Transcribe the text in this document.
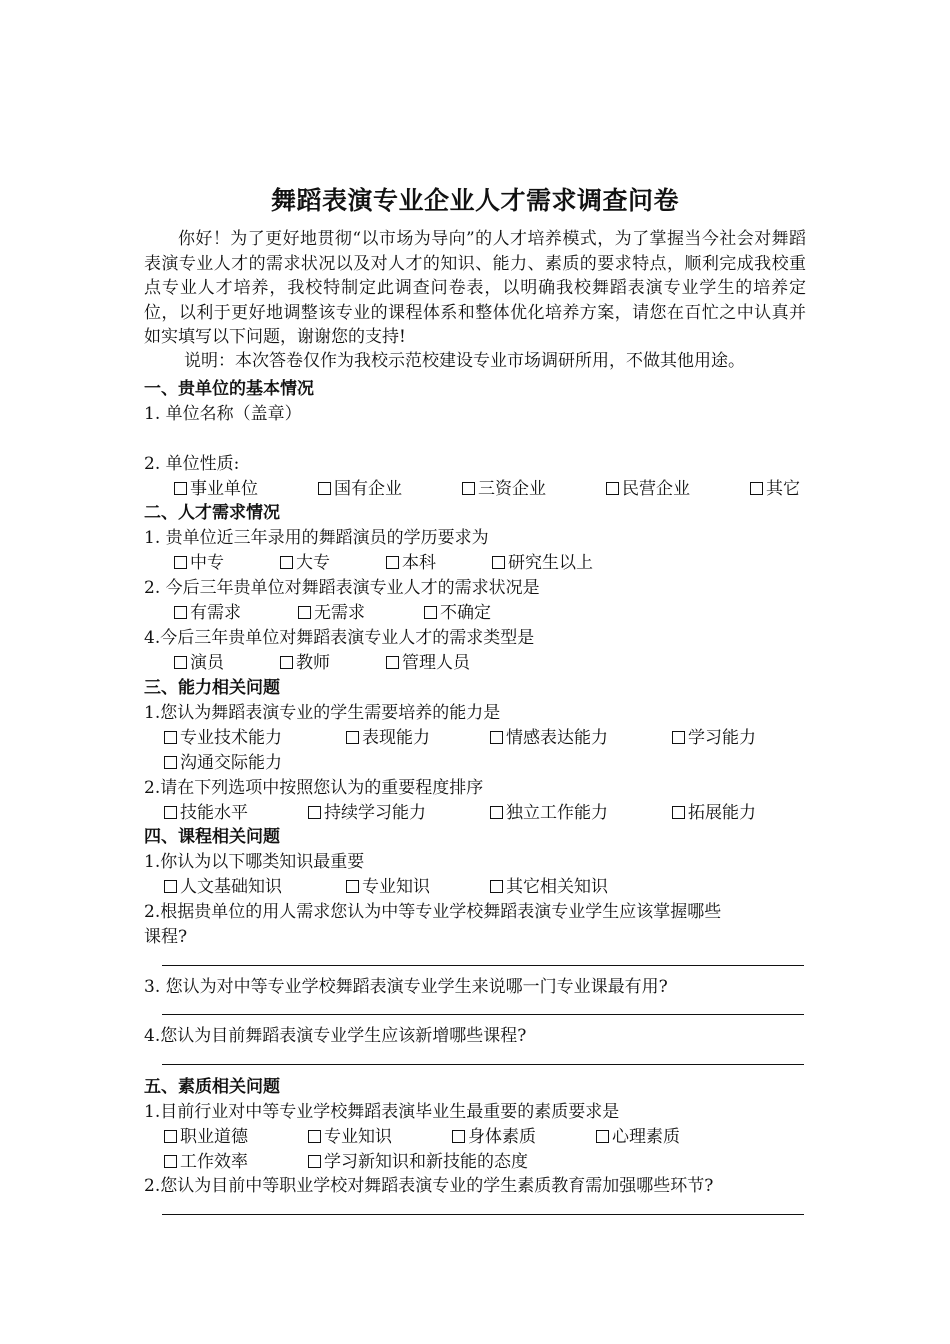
舞蹈表演专业企业人才需求调查问卷
你好！为了更好地贯彻“以市场为导向”的人才培养模式，为了掌握当今社会对舞蹈表演专业人才的需求状况以及对人才的知识、能力、素质的要求特点，顺利完成我校重点专业人才培养，我校特制定此调查问卷表，以明确我校舞蹈表演专业学生的培养定位，以利于更好地调整该专业的课程体系和整体优化培养方案，请您在百忙之中认真并如实填写以下问题，谢谢您的支持!
说明：本次答卷仅作为我校示范校建设专业市场调研所用，不做其他用途。
一、贵单位的基本情况
1. 单位名称（盖章）
2. 单位性质:
事业单位	国有企业	三资企业	民营企业	其它
二、人才需求情况
1. 贵单位近三年录用的舞蹈演员的学历要求为
中专	大专	本科	研究生以上
2. 今后三年贵单位对舞蹈表演专业人才的需求状况是
有需求	无需求	不确定
4.今后三年贵单位对舞蹈表演专业人才的需求类型是
演员	教师	管理人员
三、能力相关问题
1.您认为舞蹈表演专业的学生需要培养的能力是
专业技术能力	表现能力	情感表达能力	学习能力
沟通交际能力
2.请在下列选项中按照您认为的重要程度排序
技能水平	持续学习能力	独立工作能力	拓展能力
四、课程相关问题
1.你认为以下哪类知识最重要
人文基础知识	专业知识	其它相关知识
2.根据贵单位的用人需求您认为中等专业学校舞蹈表演专业学生应该掌握哪些
课程?
3. 您认为对中等专业学校舞蹈表演专业学生来说哪一门专业课最有用?
4.您认为目前舞蹈表演专业学生应该新增哪些课程?
五、素质相关问题
1.目前行业对中等专业学校舞蹈表演毕业生最重要的素质要求是
职业道德	专业知识	身体素质	心理素质
工作效率	学习新知识和新技能的态度
2.您认为目前中等职业学校对舞蹈表演专业的学生素质教育需加强哪些环节?
